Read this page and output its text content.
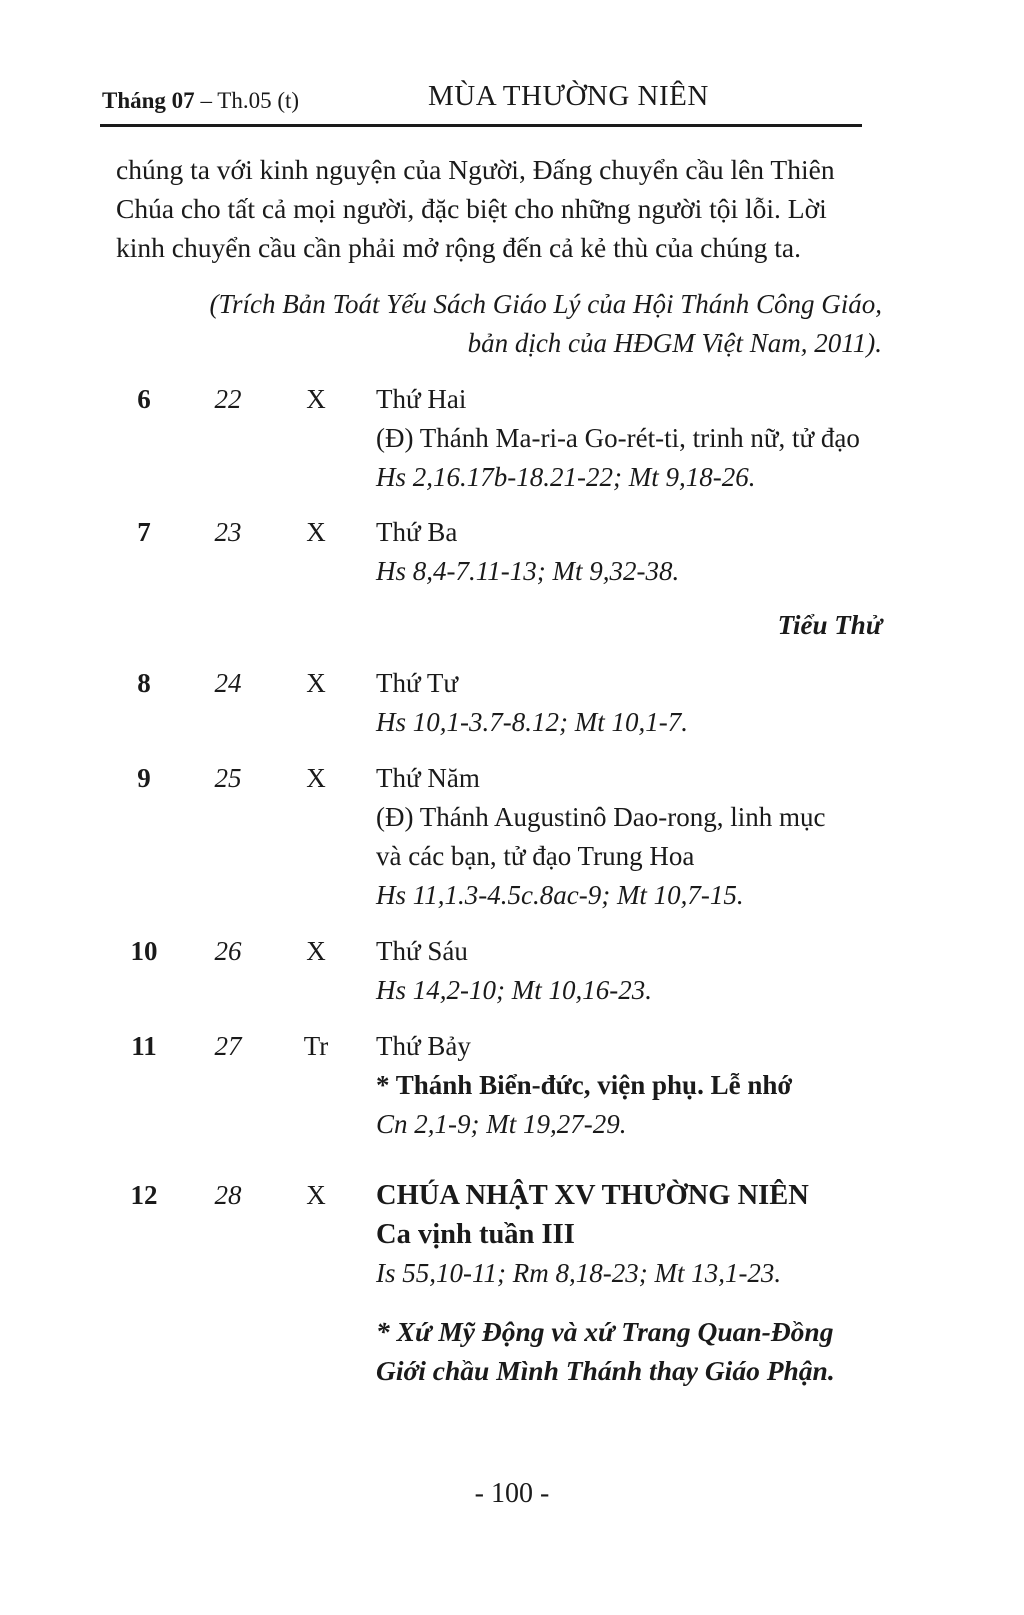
Tháng 07 – Th.05 (t)	MÙA THƯỜNG NIÊN

chúng ta với kinh nguyện của Người, Đấng chuyển cầu lên Thiên
Chúa cho tất cả mọi người, đặc biệt cho những người tội lỗi. Lời
kinh chuyển cầu cần phải mở rộng đến cả kẻ thù của chúng ta.

(Trích Bản Toát Yếu Sách Giáo Lý của Hội Thánh Công Giáo,
bản dịch của HĐGM Việt Nam, 2011).
6	22	X	Thứ Hai
(Đ) Thánh Ma-ri-a Go-rét-ti, trinh nữ, tử đạo
Hs 2,16.17b-18.21-22; Mt 9,18-26.
7	23	X	Thứ Ba
Hs 8,4-7.11-13; Mt 9,32-38.
Tiểu Thử
8	24	X	Thứ Tư
Hs 10,1-3.7-8.12; Mt 10,1-7.
9	25	X	Thứ Năm
(Đ) Thánh Augustinô Dao-rong, linh mục
và các bạn, tử đạo Trung Hoa
Hs 11,1.3-4.5c.8ac-9; Mt 10,7-15.
10	26	X	Thứ Sáu
Hs 14,2-10; Mt 10,16-23.
11	27	Tr	Thứ Bảy
* Thánh Biển-đức, viện phụ. Lễ nhớ
Cn 2,1-9; Mt 19,27-29.
12	28	X	CHÚA NHẬT XV THƯỜNG NIÊN
Ca vịnh tuần III
Is 55,10-11; Rm 8,18-23; Mt 13,1-23.
* Xứ Mỹ Động và xứ Trang Quan-Đồng
Giới chầu Mình Thánh thay Giáo Phận.
- 100 -
